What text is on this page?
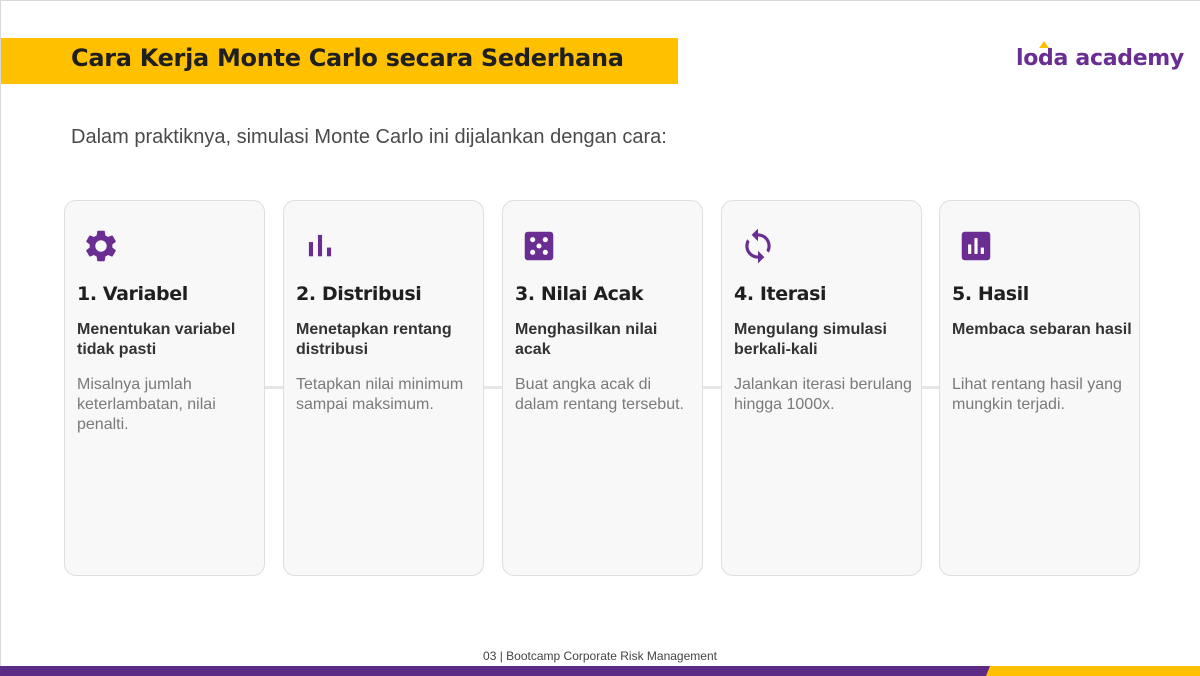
Cara Kerja Monte Carlo secara Sederhana	loda academy
Dalam praktiknya, simulasi Monte Carlo ini dijalankan dengan cara:
1. Variabel
Menentukan variabel tidak pasti
Misalnya jumlah keterlambatan, nilai penalti.
2. Distribusi
Menetapkan rentang distribusi
Tetapkan nilai minimum sampai maksimum.
3. Nilai Acak
Menghasilkan nilai acak
Buat angka acak di dalam rentang tersebut.
4. Iterasi
Mengulang simulasi berkali-kali
Jalankan iterasi berulang hingga 1000x.
5. Hasil
Membaca sebaran hasil
Lihat rentang hasil yang mungkin terjadi.
03 | Bootcamp Corporate Risk Management
